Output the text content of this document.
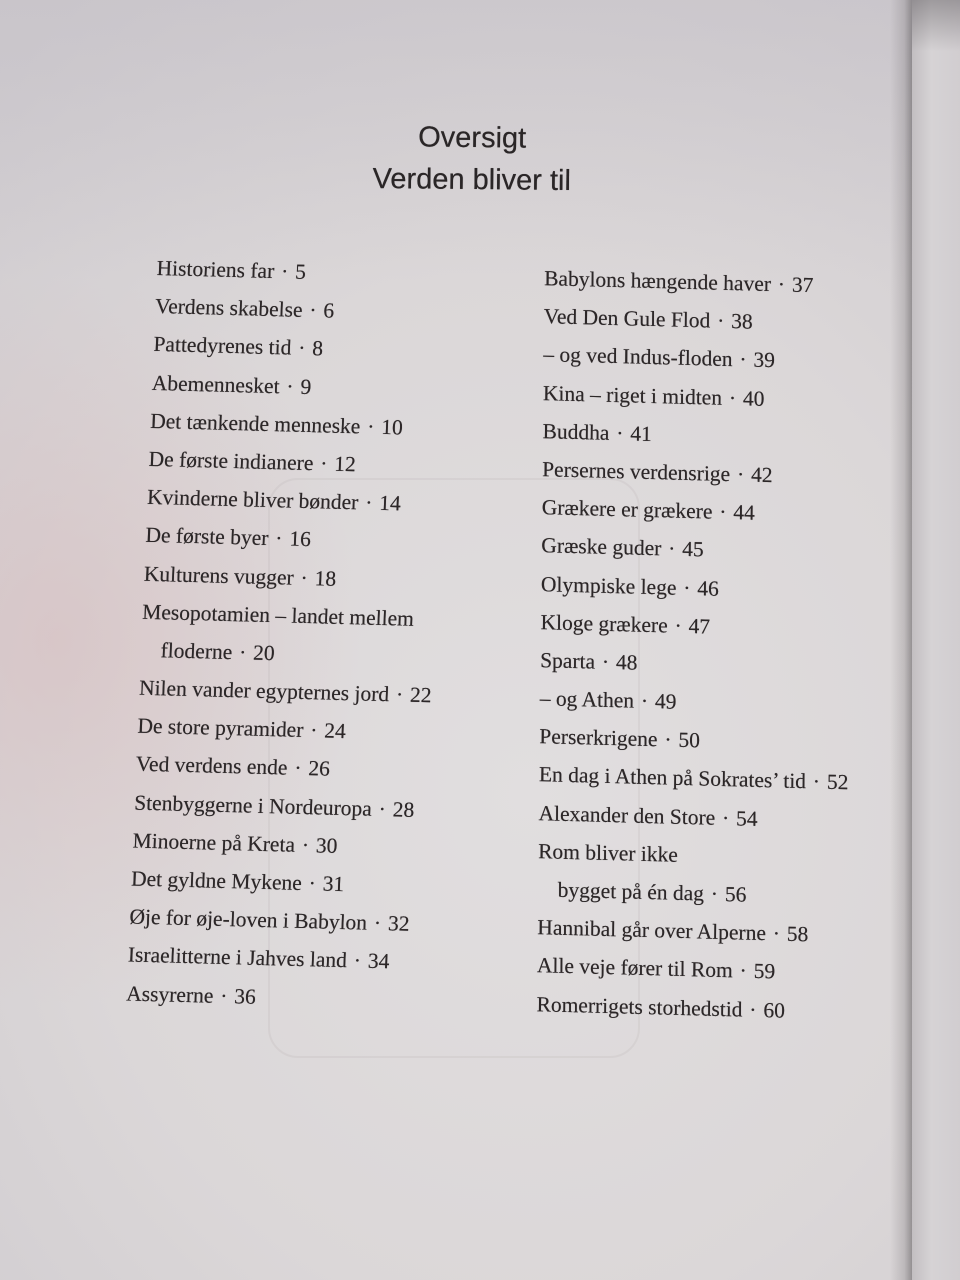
Oversigt
Verden bliver til
Historiens far · 5
Verdens skabelse · 6
Pattedyrenes tid · 8
Abemennesket · 9
Det tænkende menneske · 10
De første indianere · 12
Kvinderne bliver bønder · 14
De første byer · 16
Kulturens vugger · 18
Mesopotamien – landet mellem
floderne · 20
Nilen vander egypternes jord · 22
De store pyramider · 24
Ved verdens ende · 26
Stenbyggerne i Nordeuropa · 28
Minoerne på Kreta · 30
Det gyldne Mykene · 31
Øje for øje-loven i Babylon · 32
Israelitterne i Jahves land · 34
Assyrerne · 36
Babylons hængende haver · 37
Ved Den Gule Flod · 38
– og ved Indus-floden · 39
Kina – riget i midten · 40
Buddha · 41
Persernes verdensrige · 42
Grækere er grækere · 44
Græske guder · 45
Olympiske lege · 46
Kloge grækere · 47
Sparta · 48
– og Athen · 49
Perserkrigene · 50
En dag i Athen på Sokrates’ tid · 52
Alexander den Store · 54
Rom bliver ikke
bygget på én dag · 56
Hannibal går over Alperne · 58
Alle veje fører til Rom · 59
Romerrigets storhedstid · 60
